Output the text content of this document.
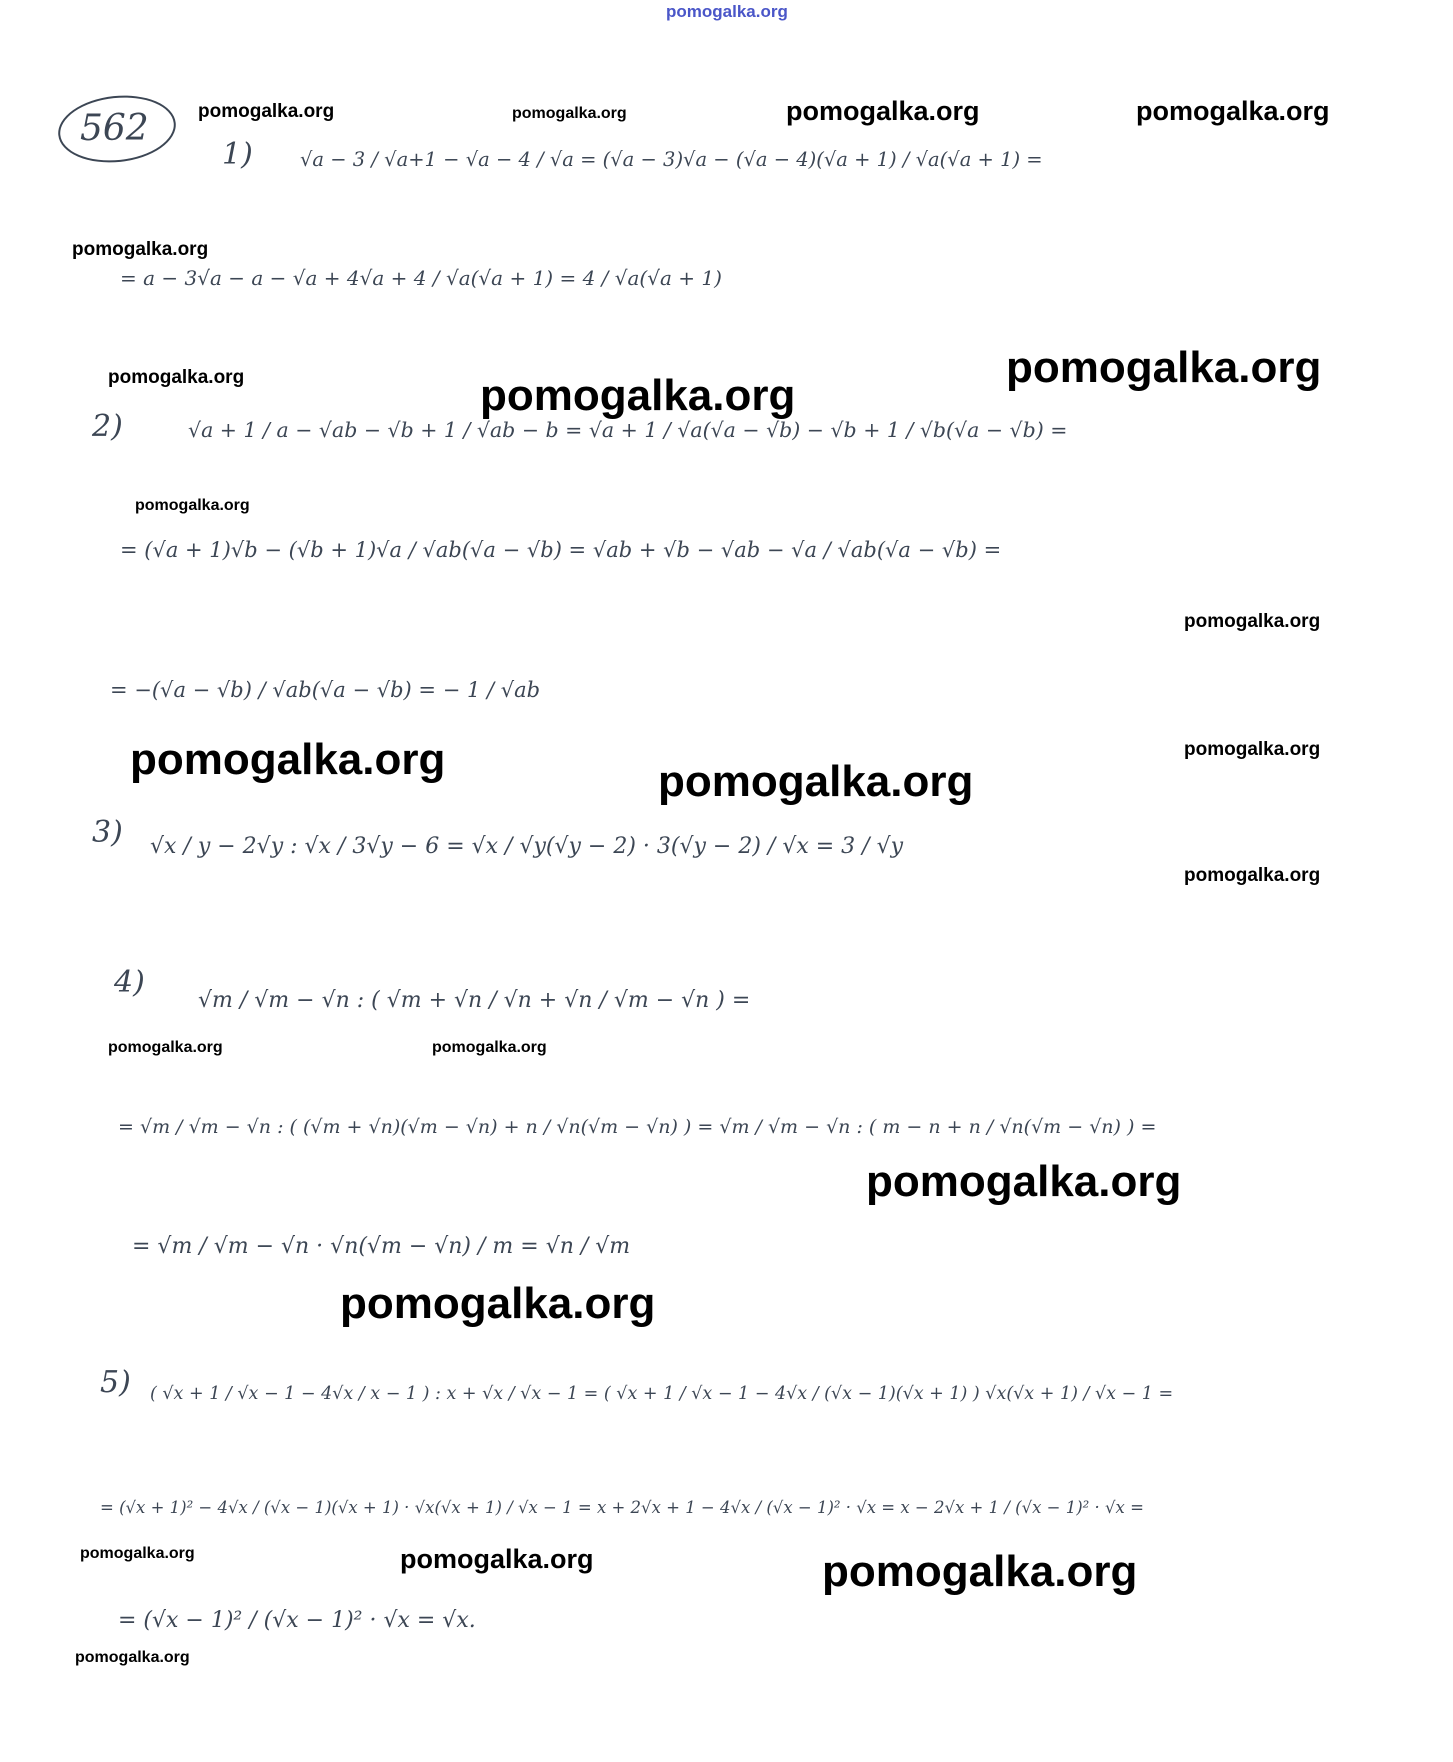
pomogalka.org
562
1) √a − 3 / √a+1 − √a − 4 / √a = (√a − 3)√a − (√a − 4)(√a + 1) / √a(√a + 1) =
= a − 3√a − a − √a + 4√a + 4 / √a(√a + 1) = 4 / √a(√a + 1)
2)	√a + 1 / a − √ab − √b + 1 / √ab − b = √a + 1 / √a(√a − √b) − √b + 1 / √b(√a − √b) =
= (√a + 1)√b − (√b + 1)√a / √ab(√a − √b) = √ab + √b − √ab − √a / √ab(√a − √b) =
= −(√a − √b) / √ab(√a − √b) = − 1 / √ab
3) √x / y − 2√y : √x / 3√y − 6 = √x / √y(√y − 2) · 3(√y − 2) / √x = 3 / √y
4)
√m / √m − √n : ( √m + √n / √n + √n / √m − √n ) =
= √m / √m − √n : ( (√m + √n)(√m − √n) + n / √n(√m − √n) ) = √m / √m − √n : ( m − n + n / √n(√m − √n) ) =
= √m / √m − √n · √n(√m − √n) / m = √n / √m
5) ( √x + 1 / √x − 1 − 4√x / x − 1 ) : x + √x / √x − 1 = ( √x + 1 / √x − 1 − 4√x / (√x − 1)(√x + 1) ) √x(√x + 1) / √x − 1 =
= (√x + 1)² − 4√x / (√x − 1)(√x + 1) · √x(√x + 1) / √x − 1 = x + 2√x + 1 − 4√x / (√x − 1)² · √x = x − 2√x + 1 / (√x − 1)² · √x =
= (√x − 1)² / (√x − 1)² · √x = √x.
pomogalka.org	pomogalka.org	pomogalka.org	pomogalka.org
pomogalka.org
pomogalka.org	pomogalka.org
pomogalka.org
pomogalka.org
pomogalka.org
pomogalka.org	pomogalka.org
pomogalka.org
pomogalka.org
pomogalka.org	pomogalka.org
pomogalka.org
pomogalka.org
pomogalka.org	pomogalka.org	pomogalka.org
pomogalka.org
